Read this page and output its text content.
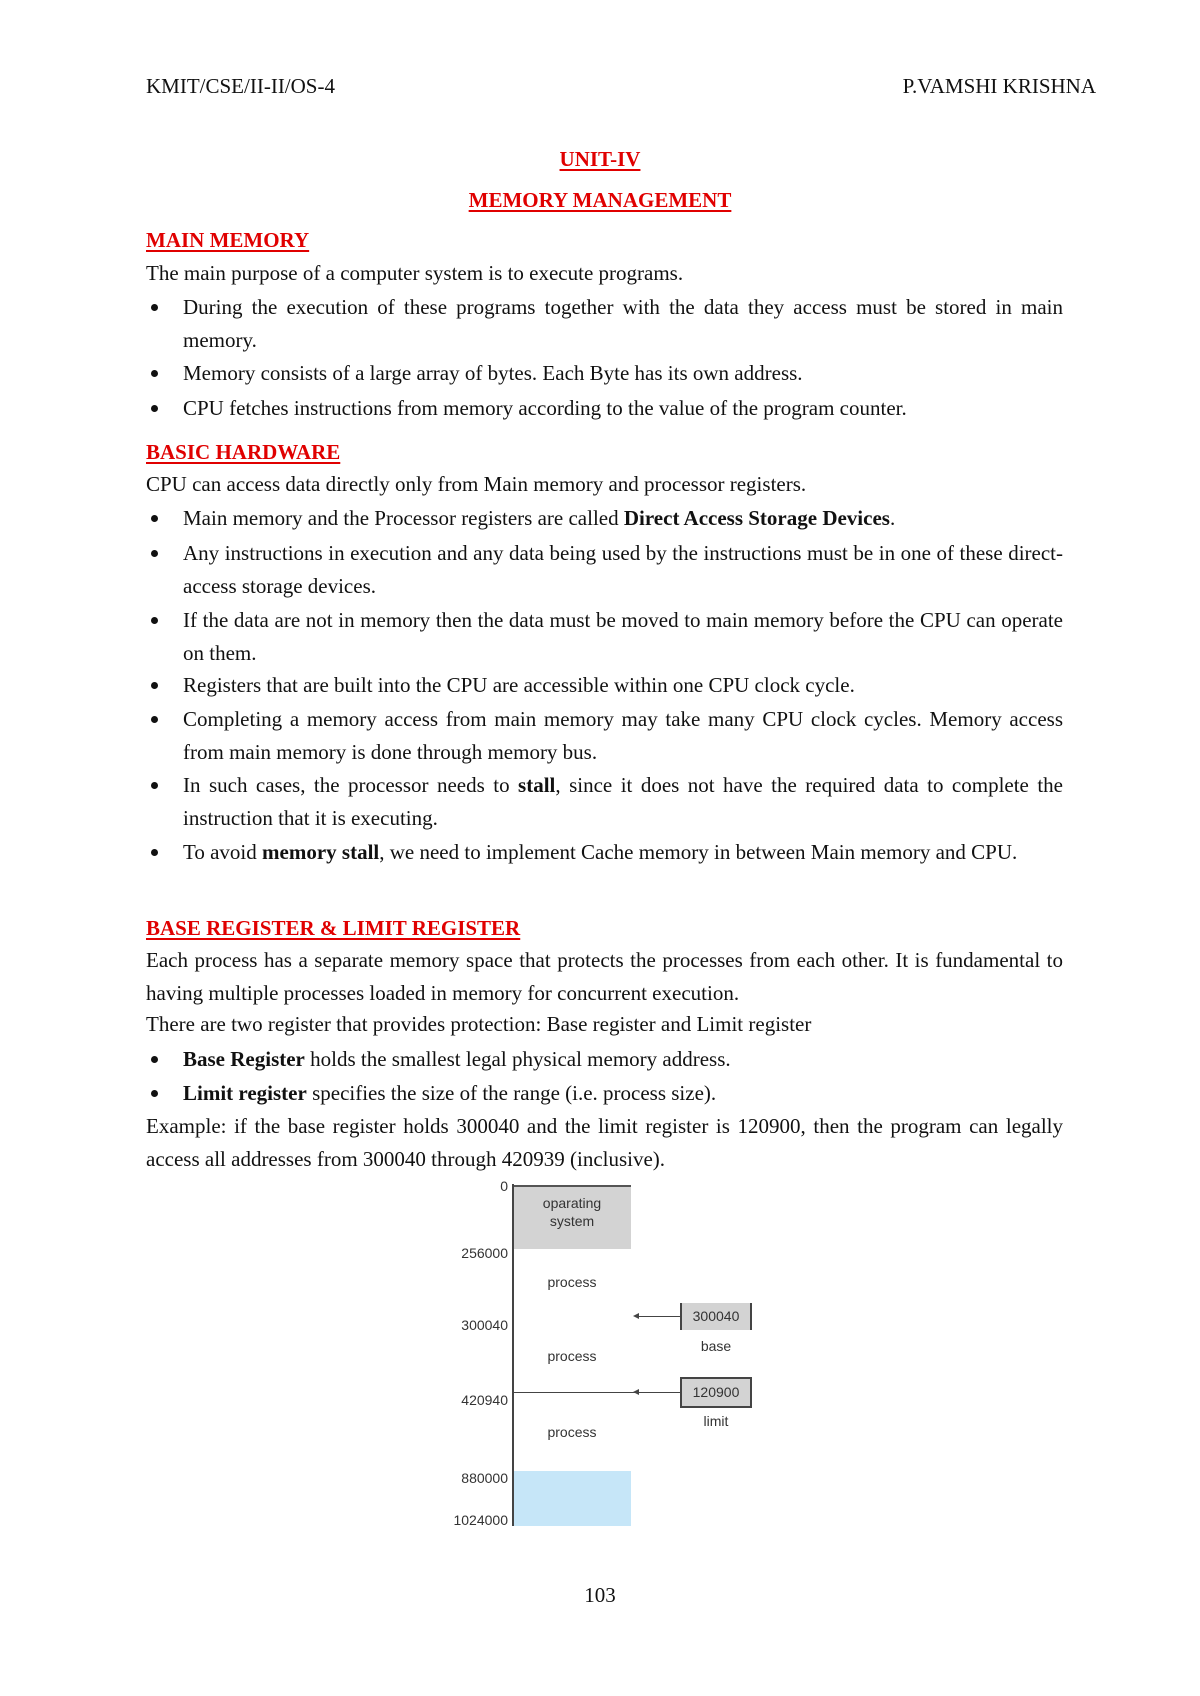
KMIT/CSE/II-II/OS-4	P.VAMSHI KRISHNA
UNIT-IV
MEMORY MANAGEMENT
MAIN MEMORY
The main purpose of a computer system is to execute programs.
During the execution of these programs together with the data they access must be stored in main memory.
Memory consists of a large array of bytes. Each Byte has its own address.
CPU fetches instructions from memory according to the value of the program counter.
BASIC HARDWARE
CPU can access data directly only from Main memory and processor registers.
Main memory and the Processor registers are called Direct Access Storage Devices.
Any instructions in execution and any data being used by the instructions must be in one of these direct-access storage devices.
If the data are not in memory then the data must be moved to main memory before the CPU can operate on them.
Registers that are built into the CPU are accessible within one CPU clock cycle.
Completing a memory access from main memory may take many CPU clock cycles. Memory access from main memory is done through memory bus.
In such cases, the processor needs to stall, since it does not have the required data to complete the instruction that it is executing.
To avoid memory stall, we need to implement Cache memory in between Main memory and CPU.
BASE REGISTER & LIMIT REGISTER
Each process has a separate memory space that protects the processes from each other. It is fundamental to having multiple processes loaded in memory for concurrent execution.
There are two register that provides protection: Base register and Limit register
Base Register holds the smallest legal physical memory address.
Limit register specifies the size of the range (i.e. process size).
Example: if the base register holds 300040 and the limit register is 120900, then the program can legally access all addresses from 300040 through 420939 (inclusive).
oparating
system
0
256000
300040
420940
880000
1024000
process
process
process
300040
base
120900
limit
103
